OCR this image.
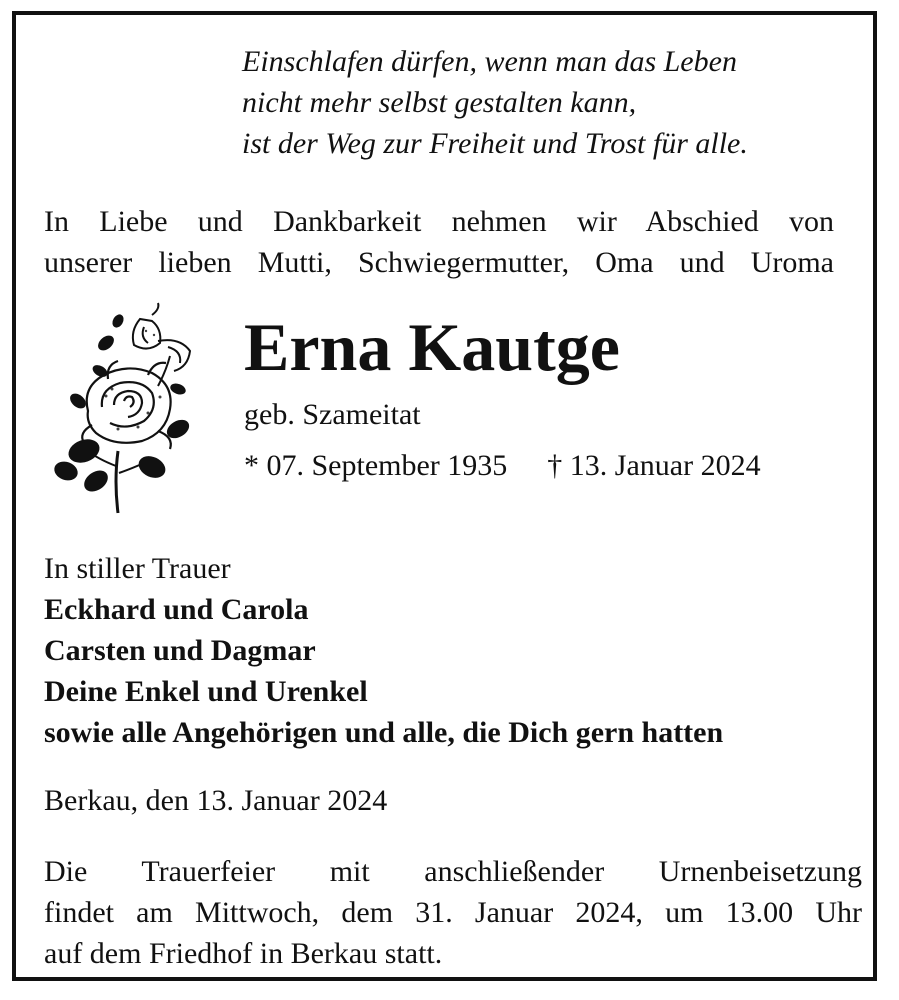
Einschlafen dürfen, wenn man das Leben
nicht mehr selbst gestalten kann,
ist der Weg zur Freiheit und Trost für alle.
In Liebe und Dankbarkeit nehmen wir Abschied von
unserer lieben Mutti, Schwiegermutter, Oma und Uroma
Erna Kautge
geb. Szameitat
* 07. September 1935 † 13. Januar 2024
In stiller Trauer
Eckhard und Carola
Carsten und Dagmar
Deine Enkel und Urenkel
sowie alle Angehörigen und alle, die Dich gern hatten
Berkau, den 13. Januar 2024
Die Trauerfeier mit anschließender Urnenbeisetzung
findet am Mittwoch, dem 31. Januar 2024, um 13.00 Uhr
auf dem Friedhof in Berkau statt.
